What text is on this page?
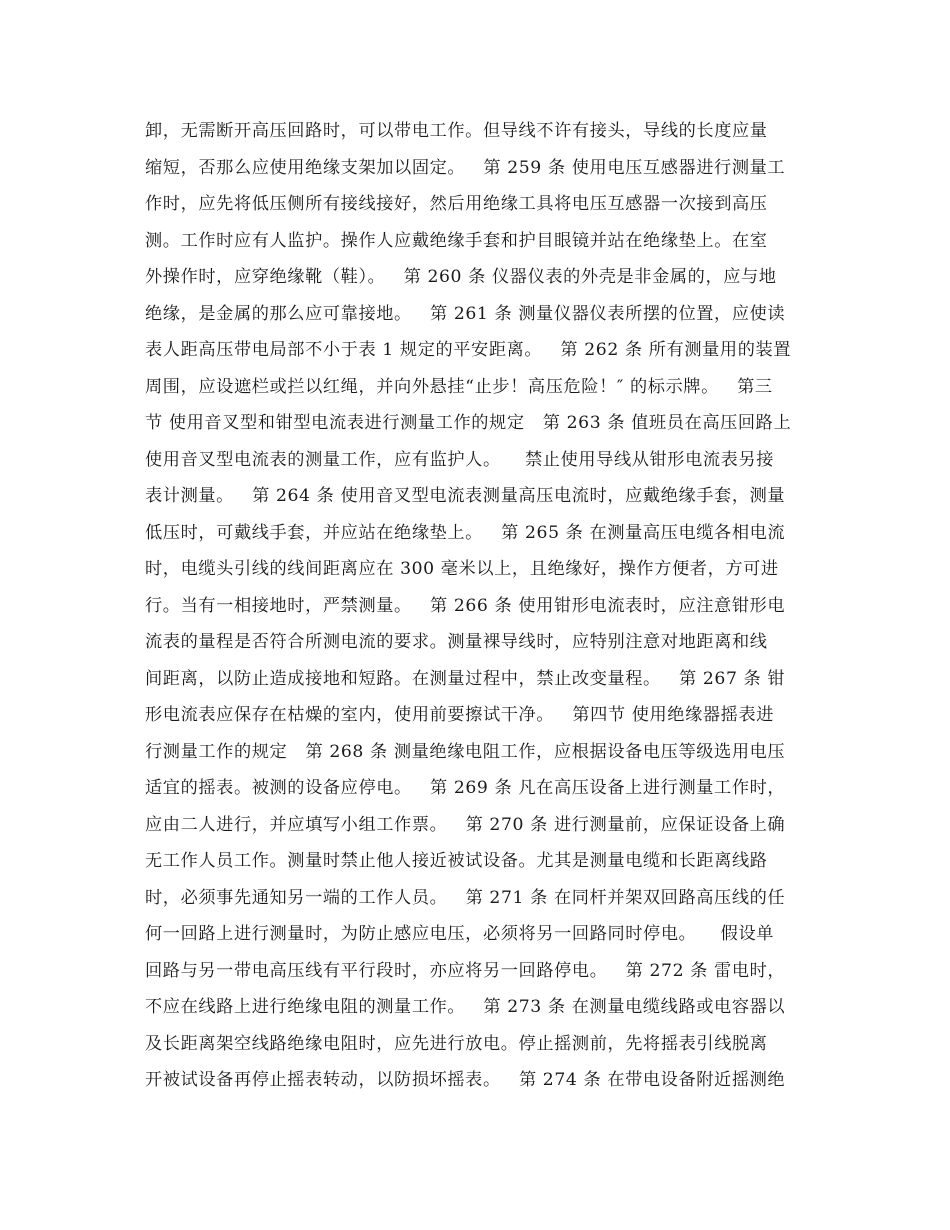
卸，无需断开高压回路时，可以带电工作。但导线不许有接头，导线的长度应量
缩短，否那么应使用绝缘支架加以固定。   第 259 条 使用电压互感器进行测量工
作时，应先将低压侧所有接线接好，然后用绝缘工具将电压互感器一次接到高压
测。工作时应有人监护。操作人应戴绝缘手套和护目眼镜并站在绝缘垫上。在室
外操作时，应穿绝缘靴（鞋）。   第 260 条 仪器仪表的外壳是非金属的，应与地
绝缘，是金属的那么应可靠接地。   第 261 条 测量仪器仪表所摆的位置，应使读
表人距高压带电局部不小于表 1 规定的平安距离。   第 262 条 所有测量用的装置
周围，应设遮栏或拦以红绳，并向外悬挂“止步！高压危险！″ 的标示牌。   第三
节 使用音叉型和钳型电流表进行测量工作的规定   第 263 条 值班员在高压回路上
使用音叉型电流表的测量工作，应有监护人。    禁止使用导线从钳形电流表另接
表计测量。   第 264 条 使用音叉型电流表测量高压电流时，应戴绝缘手套，测量
低压时，可戴线手套，并应站在绝缘垫上。   第 265 条 在测量高压电缆各相电流
时，电缆头引线的线间距离应在 300 毫米以上，且绝缘好，操作方便者，方可进
行。当有一相接地时，严禁测量。   第 266 条 使用钳形电流表时，应注意钳形电
流表的量程是否符合所测电流的要求。测量裸导线时，应特别注意对地距离和线
间距离，以防止造成接地和短路。在测量过程中，禁止改变量程。   第 267 条 钳
形电流表应保存在枯燥的室内，使用前要擦试干净。   第四节 使用绝缘器摇表进
行测量工作的规定   第 268 条 测量绝缘电阻工作，应根据设备电压等级选用电压
适宜的摇表。被测的设备应停电。   第 269 条 凡在高压设备上进行测量工作时，
应由二人进行，并应填写小组工作票。   第 270 条 进行测量前，应保证设备上确
无工作人员工作。测量时禁止他人接近被试设备。尤其是测量电缆和长距离线路
时，必须事先通知另一端的工作人员。   第 271 条 在同杆并架双回路高压线的任
何一回路上进行测量时，为防止感应电压，必须将另一回路同时停电。    假设单
回路与另一带电高压线有平行段时，亦应将另一回路停电。   第 272 条 雷电时，
不应在线路上进行绝缘电阻的测量工作。   第 273 条 在测量电缆线路或电容器以
及长距离架空线路绝缘电阻时，应先进行放电。停止摇测前，先将摇表引线脱离
开被试设备再停止摇表转动，以防损坏摇表。   第 274 条 在带电设备附近摇测绝
